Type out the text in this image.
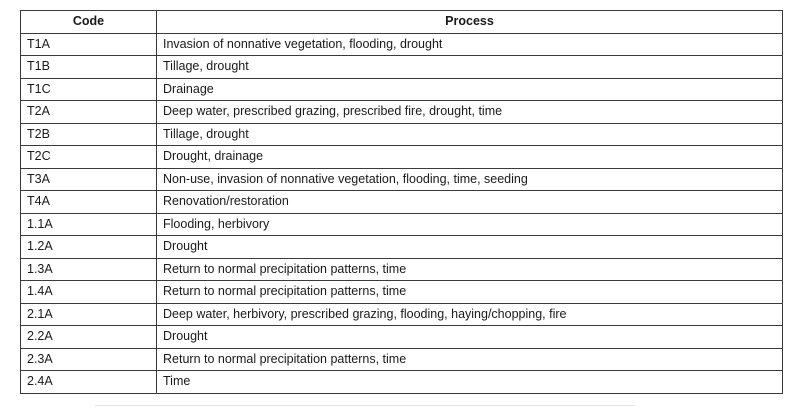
Code	Process
T1A	Invasion of nonnative vegetation, flooding, drought
T1B	Tillage, drought
T1C	Drainage
T2A	Deep water, prescribed grazing, prescribed fire, drought, time
T2B	Tillage, drought
T2C	Drought, drainage
T3A	Non-use, invasion of nonnative vegetation, flooding, time, seeding
T4A	Renovation/restoration
1.1A	Flooding, herbivory
1.2A	Drought
1.3A	Return to normal precipitation patterns, time
1.4A	Return to normal precipitation patterns, time
2.1A	Deep water, herbivory, prescribed grazing, flooding, haying/chopping, fire
2.2A	Drought
2.3A	Return to normal precipitation patterns, time
2.4A	Time
